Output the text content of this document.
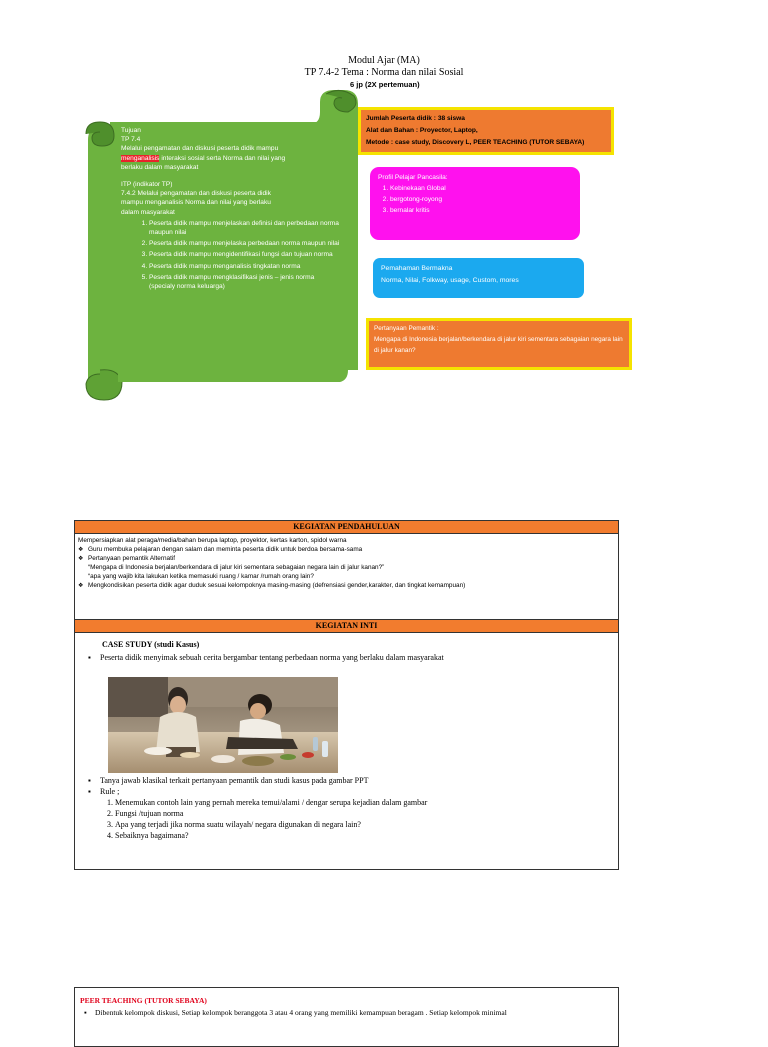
Modul Ajar (MA)
TP 7.4-2 Tema : Norma dan nilai Sosial
6 jp (2X pertemuan)
Tujuan
TP 7.4
Melalui pengamatan dan diskusi peserta didik mampu
menganalisis interaksi sosial serta Norma dan nilai yang
berlaku dalam masyarakat
ITP (indikator TP)
7.4.2 Melalui pengamatan dan diskusi peserta didik
mampu menganalisis Norma dan nilai yang berlaku
dalam masyarakat
1. Peserta didik mampu menjelaskan definisi dan perbedaan norma maupun nilai
2. Peserta didik mampu menjelaska perbedaan norma maupun nilai
3. Peserta didik mampu mengidentifikasi fungsi dan tujuan norma
4. Peserta didik mampu menganalisis tingkatan norma
5. Peserta didik mampu mengklasifikasi jenis – jenis norma (specialy norma keluarga)
Jumlah Peserta didik : 38 siswa
Alat dan Bahan : Proyector, Laptop,
Metode : case study, Discovery L, PEER TEACHING (TUTOR SEBAYA)
Profil Pelajar Pancasila:
1. Kebinekaan Global
2. bergotong-royong
3. bernalar kritis
Pemahaman Bermakna
Norma, Nilai, Folkway, usage, Custom, mores
Pertanyaan Pemantik :
Mengapa di Indonesia berjalan/berkendara di jalur kiri sementara sebagaian negara lain di jalur kanan?
KEGIATAN PENDAHULUAN
Mempersiapkan alat peraga/media/bahan berupa laptop, proyektor, kertas karton, spidol warna
❖ Guru membuka pelajaran dengan salam dan meminta peserta didik untuk berdoa bersama-sama
❖ Pertanyaan pemantik Alternatif
“Mengapa di Indonesia berjalan/berkendara di jalur kiri sementara sebagaian negara lain di jalur kanan?”
“apa yang wajib kita lakukan ketika memasuki ruang / kamar /rumah orang lain?
❖ Mengkondisikan peserta didik agar duduk sesuai kelompoknya masing-masing (defrensiasi gender,karakter, dan tingkat kemampuan)
KEGIATAN INTI
CASE STUDY (studi Kasus)
▪ Peserta didik menyimak sebuah cerita bergambar tentang perbedaan norma yang berlaku dalam masyarakat
▪ Tanya jawab klasikal terkait pertanyaan pemantik dan studi kasus pada gambar PPT
▪ Rule ;
1. Menemukan contoh lain yang pernah mereka temui/alami / dengar serupa kejadian dalam gambar
2. Fungsi /tujuan norma
3. Apa yang terjadi jika norma suatu wilayah/ negara digunakan di negara lain?
4. Sebaiknya bagaimana?
PEER TEACHING (TUTOR SEBAYA)
▪ Dibentuk kelompok diskusi, Setiap kelompok beranggota 3 atau 4 orang yang memiliki kemampuan beragam . Setiap kelompok minimal
